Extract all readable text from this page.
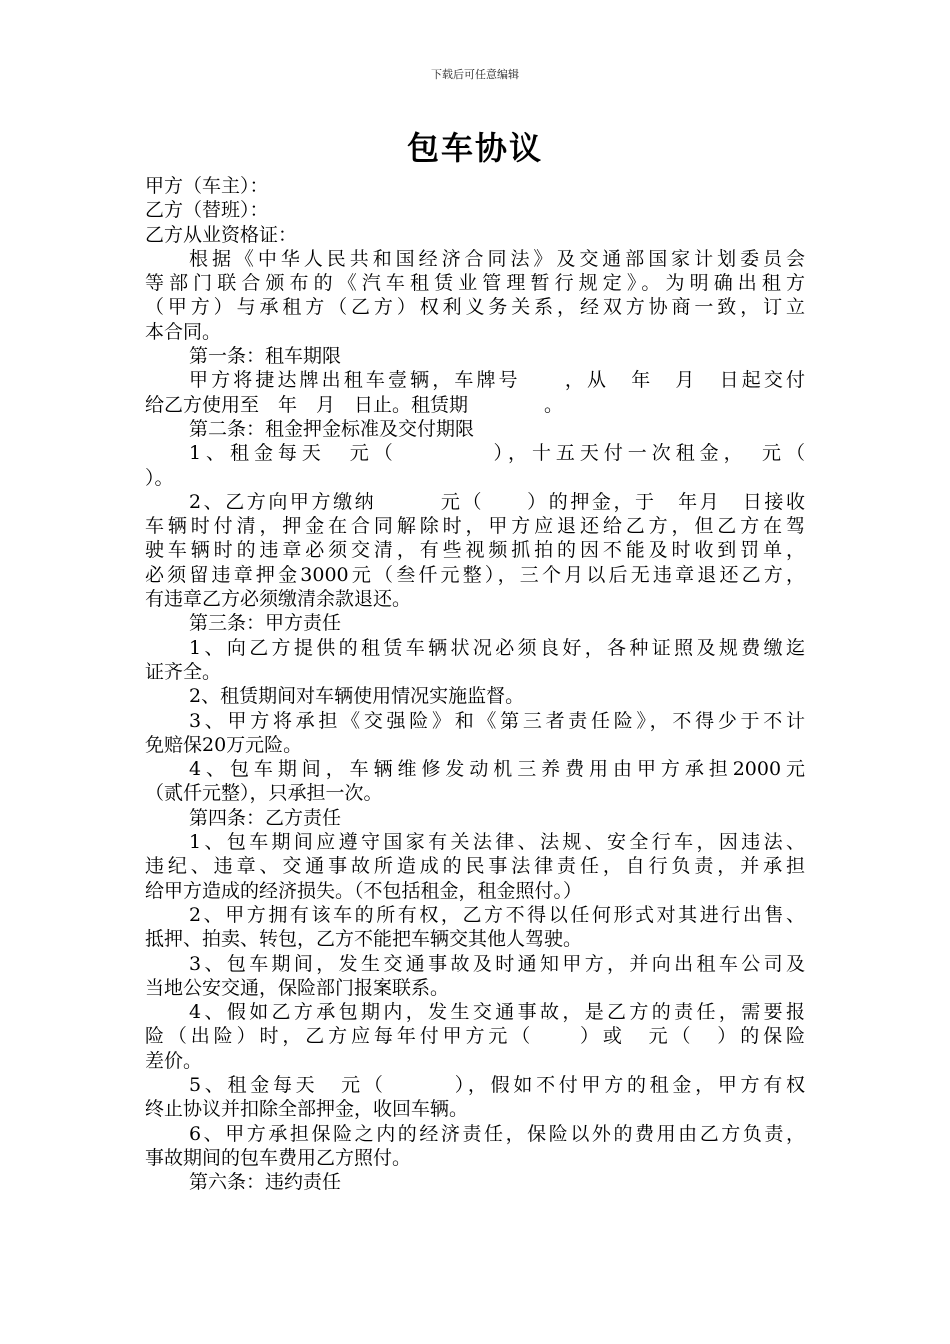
下载后可任意编辑
包车协议

甲方（车主）：

乙方（替班）：

乙方从业资格证：

根据《中华人民共和国经济合同法》及交通部国家计划委员会

等部门联合颁布的《汽车租赁业管理暂行规定》。为明确出租方

（甲方）与承租方（乙方）权利义务关系，经双方协商一致，订立

本合同。

第一条：租车期限

甲方将捷达牌出租车壹辆，车牌号　　，从　年　月　日起交付

给乙方使用至　年　月　日止。租赁期　　　　。

第二条：租金押金标准及交付期限

1、租金每天　元（　　　　），十五天付一次租金，　元（

）。

2、乙方向甲方缴纳　　　元（　　）的押金，于　年月　日接收

车辆时付清，押金在合同解除时，甲方应退还给乙方，但乙方在驾

驶车辆时的违章必须交清，有些视频抓拍的因不能及时收到罚单，

必须留违章押金3000元（叁仟元整），三个月以后无违章退还乙方，

有违章乙方必须缴清余款退还。

第三条：甲方责任

1、向乙方提供的租赁车辆状况必须良好，各种证照及规费缴迄

证齐全。

2、租赁期间对车辆使用情况实施监督。

3、甲方将承担《交强险》和《第三者责任险》，不得少于不计

免赔保20万元险。

4、包车期间，车辆维修发动机三养费用由甲方承担2000元

（贰仟元整），只承担一次。

第四条：乙方责任

1、包车期间应遵守国家有关法律、法规、安全行车，因违法、

违纪、违章、交通事故所造成的民事法律责任，自行负责，并承担

给甲方造成的经济损失。（不包括租金，租金照付。）

2、甲方拥有该车的所有权，乙方不得以任何形式对其进行出售、

抵押、拍卖、转包，乙方不能把车辆交其他人驾驶。

3、包车期间，发生交通事故及时通知甲方，并向出租车公司及

当地公安交通，保险部门报案联系。

4、假如乙方承包期内，发生交通事故，是乙方的责任，需要报

险（出险）时，乙方应每年付甲方元（　　）或　元（　）的保险

差价。

5、租金每天　元（　　　），假如不付甲方的租金，甲方有权

终止协议并扣除全部押金，收回车辆。

6、甲方承担保险之内的经济责任，保险以外的费用由乙方负责，

事故期间的包车费用乙方照付。

第六条：违约责任
